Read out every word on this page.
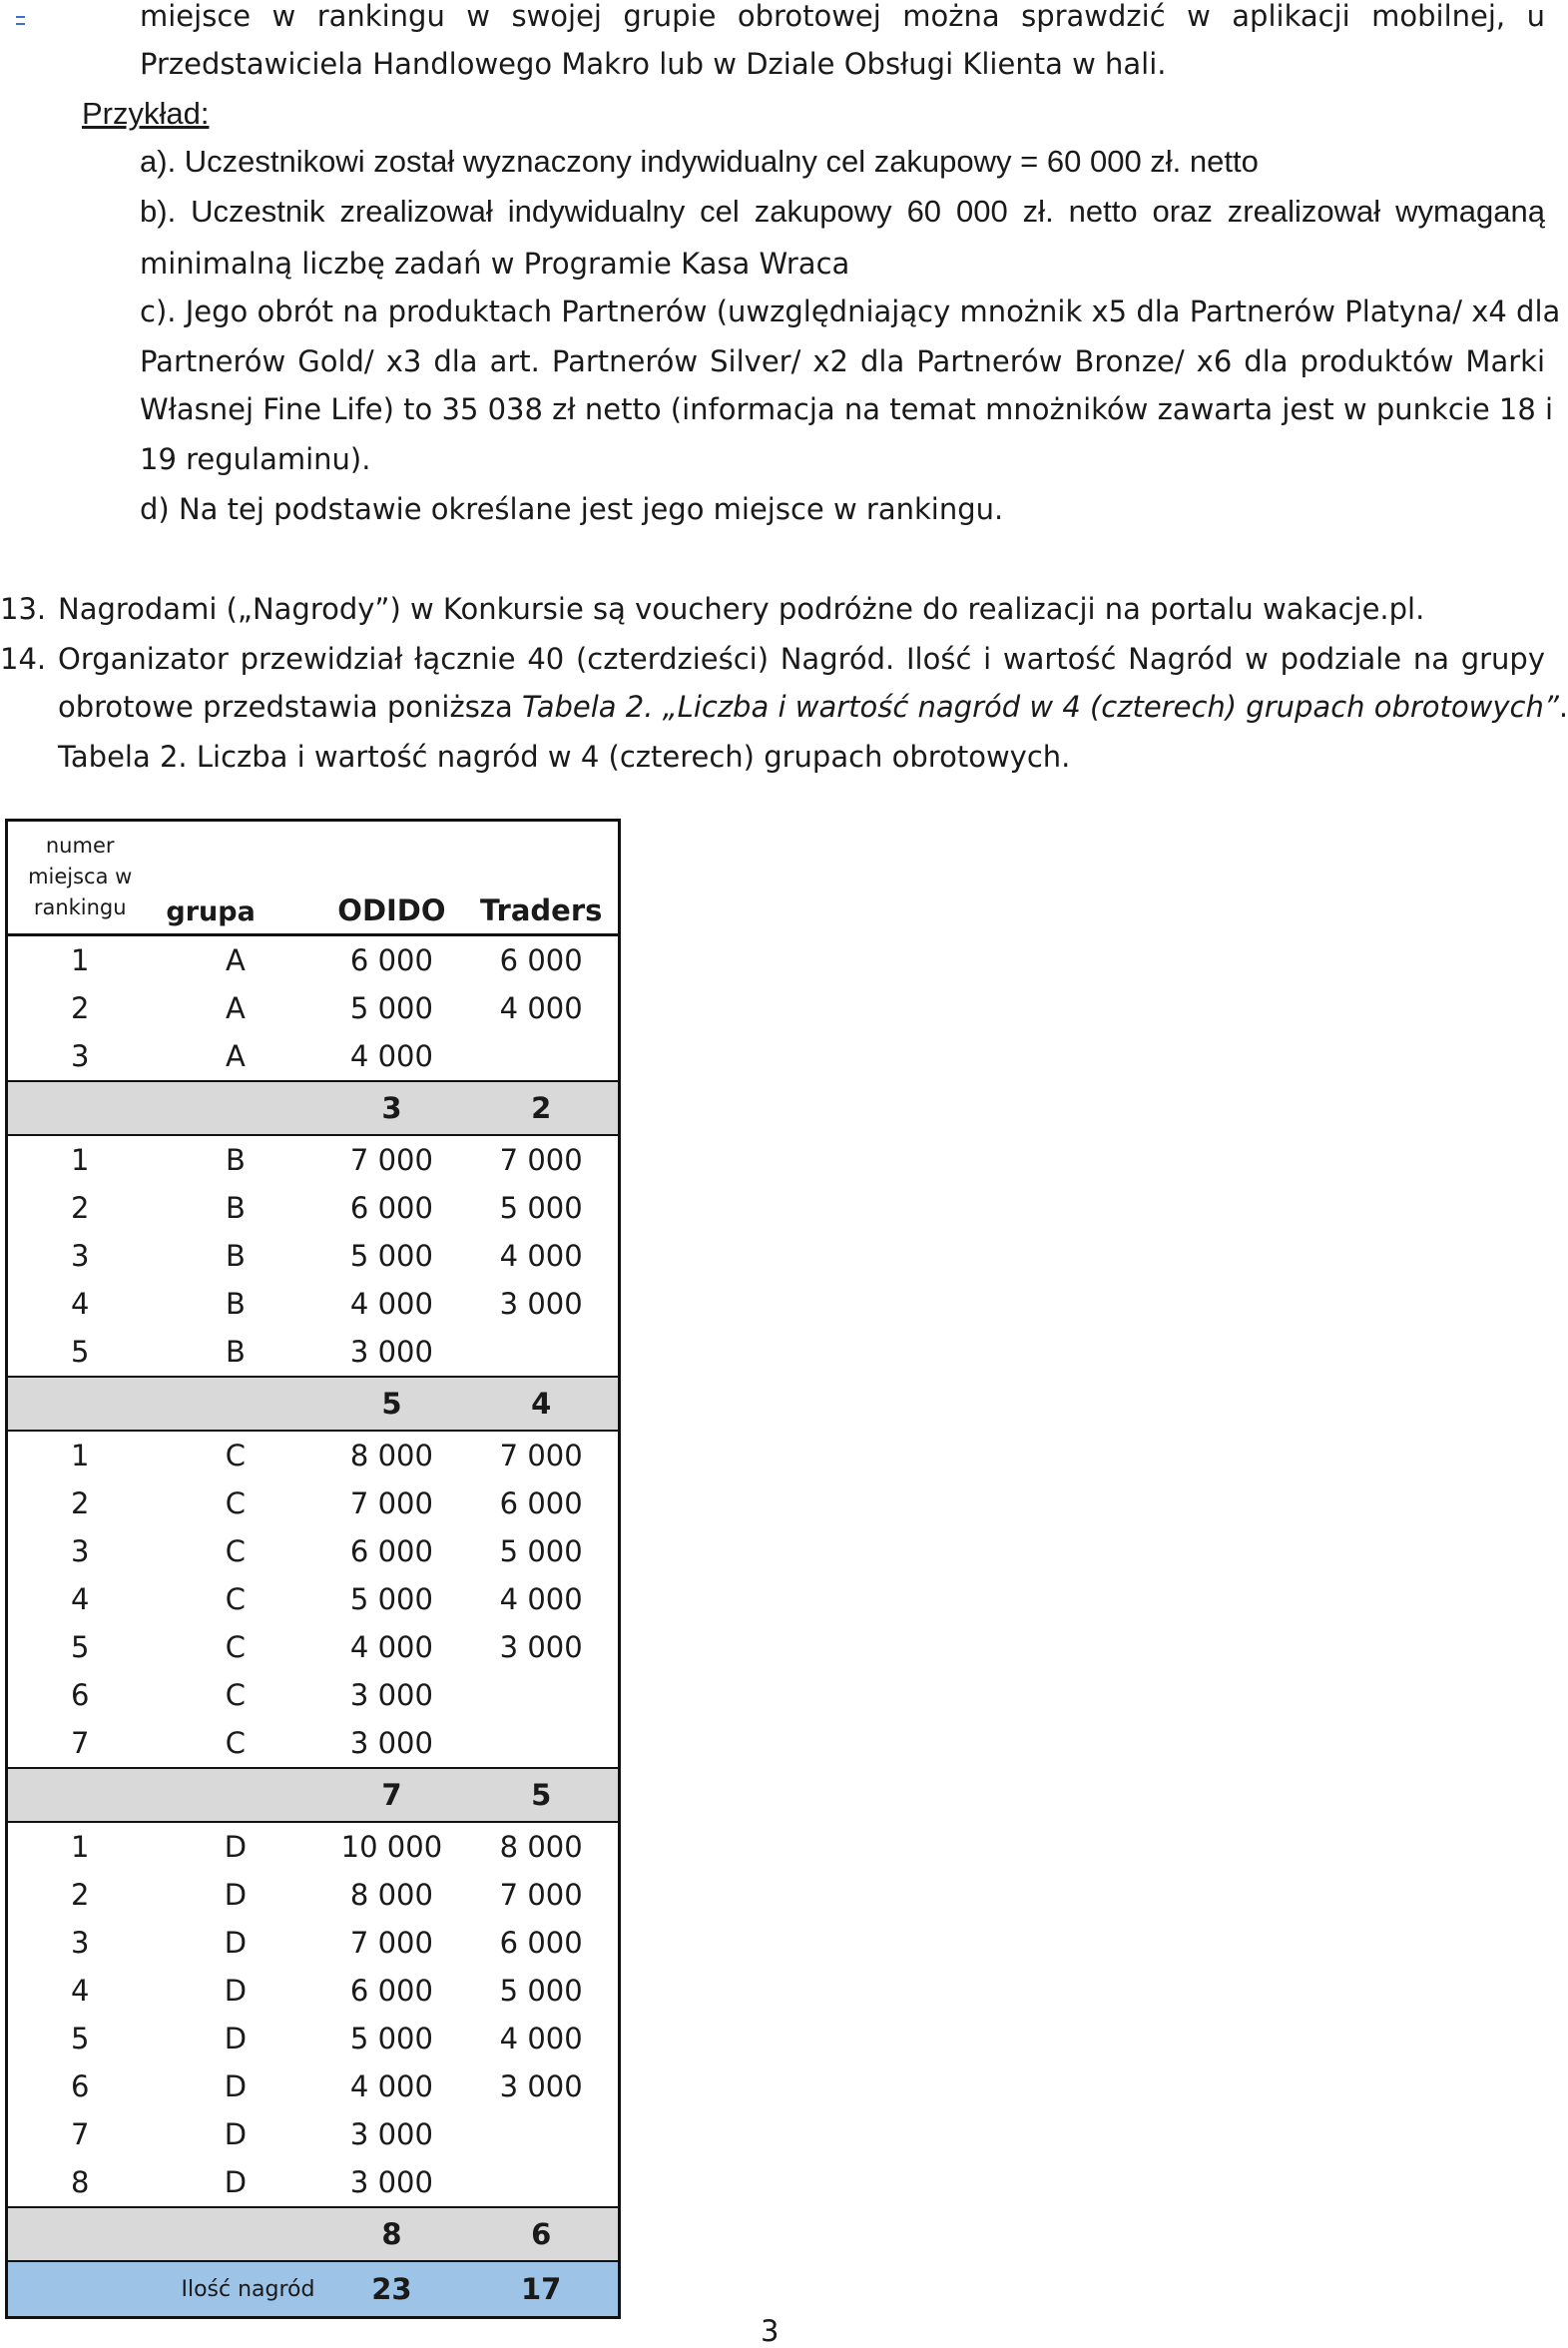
miejsce w rankingu w swojej grupie obrotowej można sprawdzić w aplikacji mobilnej, u
Przedstawiciela Handlowego Makro lub w Dziale Obsługi Klienta w hali.
Przykład:
a). Uczestnikowi został wyznaczony indywidualny cel zakupowy = 60 000 zł. netto
b). Uczestnik zrealizował indywidualny cel zakupowy 60 000 zł. netto oraz zrealizował wymaganą
minimalną liczbę zadań w Programie Kasa Wraca
c). Jego obrót na produktach Partnerów (uwzględniający mnożnik x5 dla Partnerów Platyna/ x4 dla
Partnerów Gold/ x3 dla art. Partnerów Silver/ x2 dla Partnerów Bronze/ x6 dla produktów Marki
Własnej Fine Life) to 35 038 zł netto (informacja na temat mnożników zawarta jest w punkcie 18 i
19 regulaminu).
d) Na tej podstawie określane jest jego miejsce w rankingu.
13. Nagrodami („Nagrody”) w Konkursie są vouchery podróżne do realizacji na portalu wakacje.pl.
14. Organizator przewidział łącznie 40 (czterdzieści) Nagród. Ilość i wartość Nagród w podziale na grupy
obrotowe przedstawia poniższa Tabela 2. „Liczba i wartość nagród w 4 (czterech) grupach obrotowych”.
Tabela 2. Liczba i wartość nagród w 4 (czterech) grupach obrotowych.
numer
miejsca w
rankingu	grupa	ODIDO	Traders
1	A	6 000	6 000
2	A	5 000	4 000
3	A	4 000	
		3	2
1	B	7 000	7 000
2	B	6 000	5 000
3	B	5 000	4 000
4	B	4 000	3 000
5	B	3 000	
		5	4
1	C	8 000	7 000
2	C	7 000	6 000
3	C	6 000	5 000
4	C	5 000	4 000
5	C	4 000	3 000
6	C	3 000	
7	C	3 000	
		7	5
1	D	10 000	8 000
2	D	8 000	7 000
3	D	7 000	6 000
4	D	6 000	5 000
5	D	5 000	4 000
6	D	4 000	3 000
7	D	3 000	
8	D	3 000	
		8	6
	Ilość nagród	23	17
3
